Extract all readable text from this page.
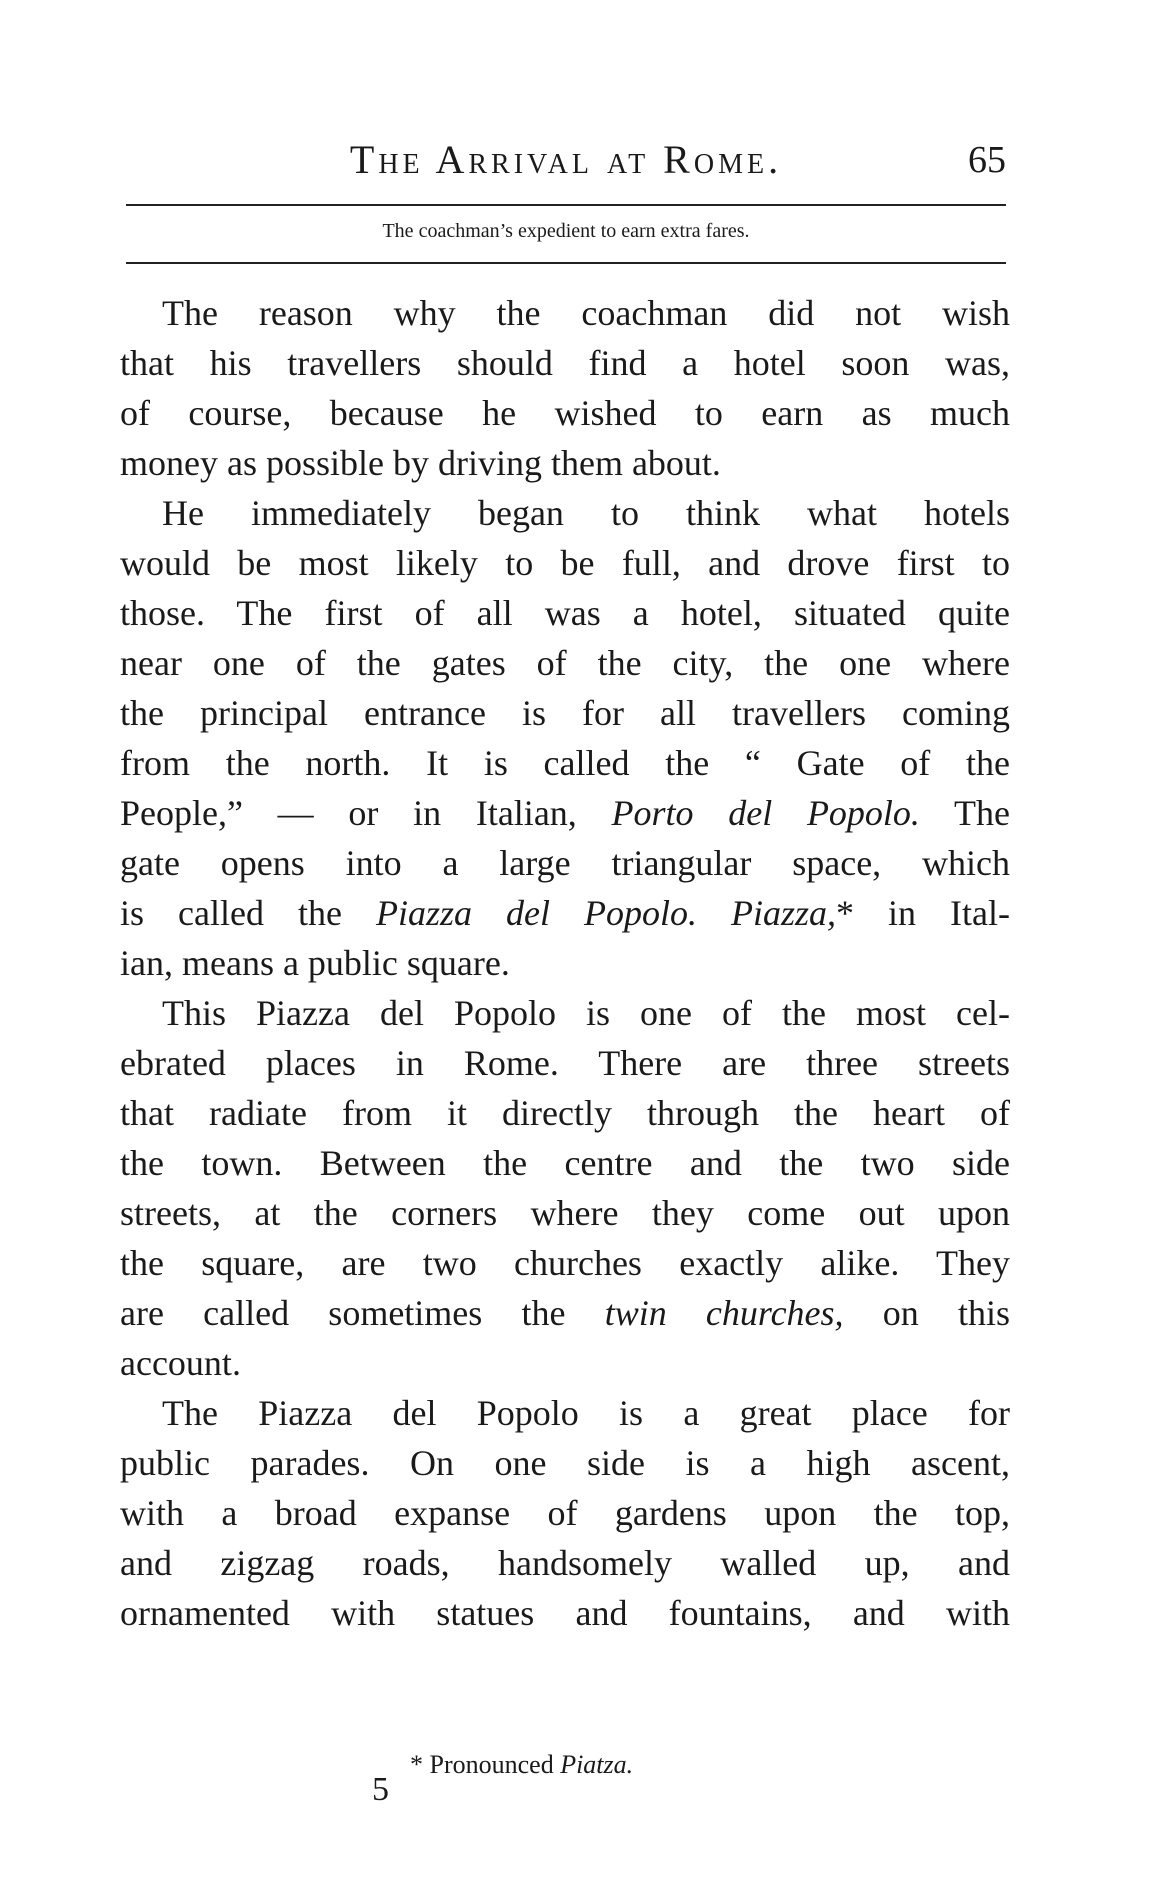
The Arrival at Rome.	65
The coachman’s expedient to earn extra fares.
The reason why the coachman did not wish
that his travellers should find a hotel soon was,
of course, because he wished to earn as much
money as possible by driving them about.
He immediately began to think what hotels
would be most likely to be full, and drove first to
those. The first of all was a hotel, situated quite
near one of the gates of the city, the one where
the principal entrance is for all travellers coming
from the north. It is called the “ Gate of the
People,” — or in Italian, Porto del Popolo. The
gate opens into a large triangular space, which
is called the Piazza del Popolo. Piazza,* in Ital-
ian, means a public square.
This Piazza del Popolo is one of the most cel-
ebrated places in Rome. There are three streets
that radiate from it directly through the heart of
the town. Between the centre and the two side
streets, at the corners where they come out upon
the square, are two churches exactly alike. They
are called sometimes the twin churches, on this
account.
The Piazza del Popolo is a great place for
public parades. On one side is a high ascent,
with a broad expanse of gardens upon the top,
and zigzag roads, handsomely walled up, and
ornamented with statues and fountains, and with
* Pronounced Piatza.
5
